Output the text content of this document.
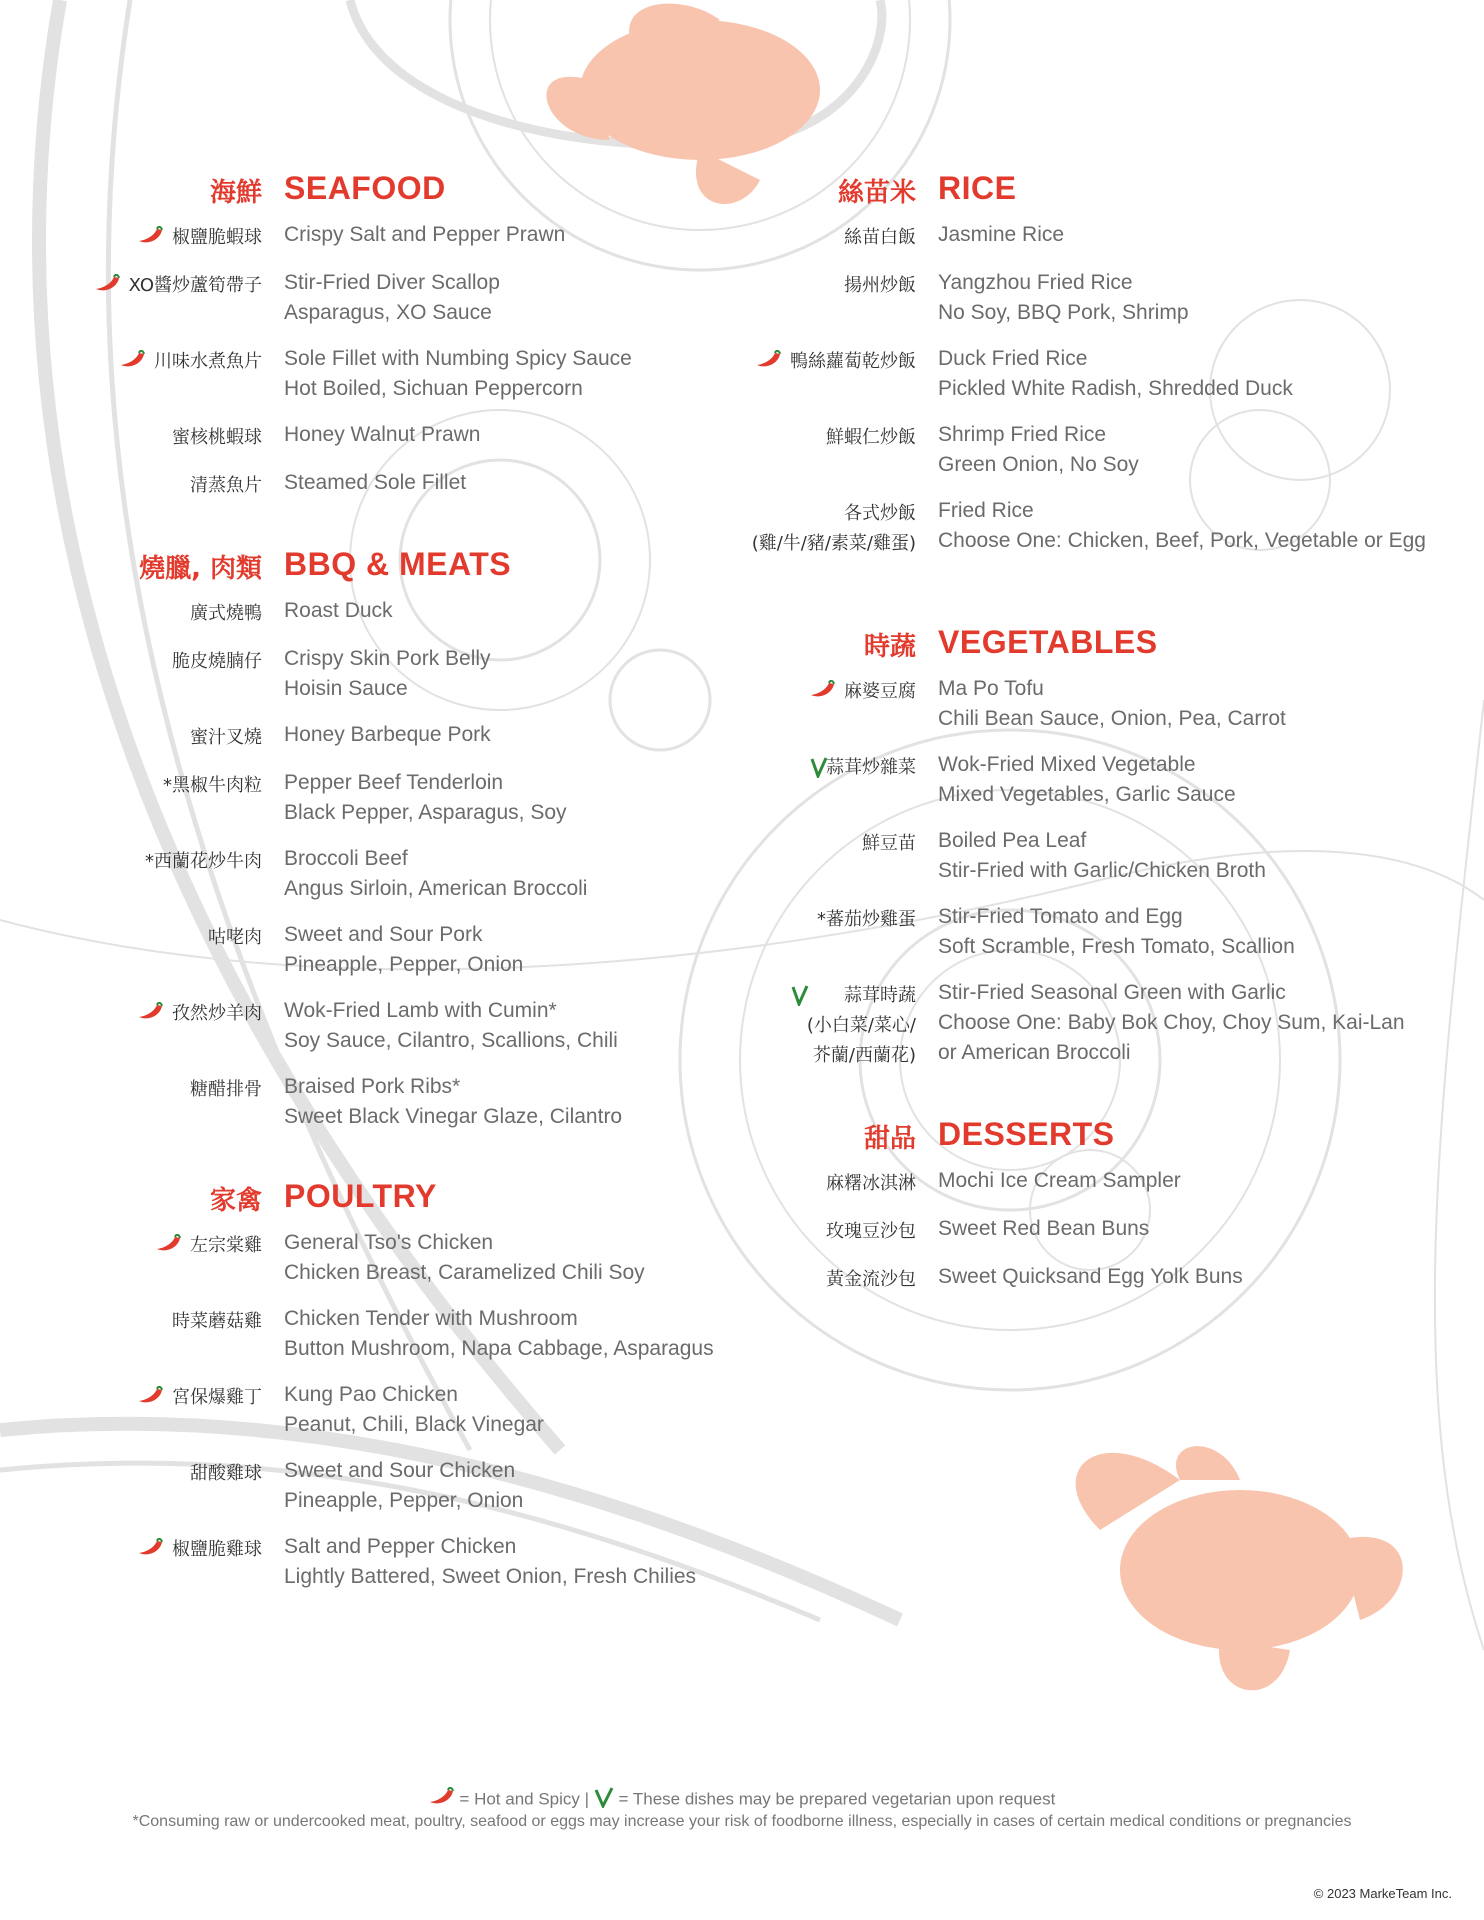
海鮮 SEAFOOD
椒鹽脆蝦球 Crispy Salt and Pepper Prawn
XO醬炒蘆筍帶子 Stir-Fried Diver Scallop
Asparagus, XO Sauce
川味水煮魚片 Sole Fillet with Numbing Spicy Sauce
Hot Boiled, Sichuan Peppercorn
蜜核桃蝦球 Honey Walnut Prawn
清蒸魚片 Steamed Sole Fillet
燒臘, 肉類 BBQ & MEATS
廣式燒鴨 Roast Duck
脆皮燒腩仔 Crispy Skin Pork Belly
Hoisin Sauce
蜜汁叉燒 Honey Barbeque Pork
*黑椒牛肉粒 Pepper Beef Tenderloin
Black Pepper, Asparagus, Soy
*西蘭花炒牛肉 Broccoli Beef
Angus Sirloin, American Broccoli
咕咾肉 Sweet and Sour Pork
Pineapple, Pepper, Onion
孜然炒羊肉 Wok-Fried Lamb with Cumin*
Soy Sauce, Cilantro, Scallions, Chili
糖醋排骨 Braised Pork Ribs*
Sweet Black Vinegar Glaze, Cilantro
家禽 POULTRY
左宗棠雞 General Tso's Chicken
Chicken Breast, Caramelized Chili Soy
時菜蘑菇雞 Chicken Tender with Mushroom
Button Mushroom, Napa Cabbage, Asparagus
宮保爆雞丁 Kung Pao Chicken
Peanut, Chili, Black Vinegar
甜酸雞球 Sweet and Sour Chicken
Pineapple, Pepper, Onion
椒鹽脆雞球 Salt and Pepper Chicken
Lightly Battered, Sweet Onion, Fresh Chilies
絲苗米 RICE
絲苗白飯 Jasmine Rice
揚州炒飯 Yangzhou Fried Rice
No Soy, BBQ Pork, Shrimp
鴨絲蘿蔔乾炒飯 Duck Fried Rice
Pickled White Radish, Shredded Duck
鮮蝦仁炒飯 Shrimp Fried Rice
Green Onion, No Soy
各式炒飯
(雞/牛/豬/素菜/雞蛋)
Fried Rice
Choose One: Chicken, Beef, Pork, Vegetable or Egg
時蔬 VEGETABLES
麻婆豆腐 Ma Po Tofu
Chili Bean Sauce, Onion, Pea, Carrot
蒜茸炒雜菜 Wok-Fried Mixed Vegetable
Mixed Vegetables, Garlic Sauce
鮮豆苗 Boiled Pea Leaf
Stir-Fried with Garlic/Chicken Broth
*蕃茄炒雞蛋 Stir-Fried Tomato and Egg
Soft Scramble, Fresh Tomato, Scallion
蒜茸時蔬
(小白菜/菜心/
芥蘭/西蘭花)
Stir-Fried Seasonal Green with Garlic
Choose One: Baby Bok Choy, Choy Sum, Kai-Lan
or American Broccoli
甜品 DESSERTS
麻糬冰淇淋 Mochi Ice Cream Sampler
玫瑰豆沙包 Sweet Red Bean Buns
黃金流沙包 Sweet Quicksand Egg Yolk Buns
= Hot and Spicy | = These dishes may be prepared vegetarian upon request
*Consuming raw or undercooked meat, poultry, seafood or eggs may increase your risk of foodborne illness, especially in cases of certain medical conditions or pregnancies
© 2023 MarkeTeam Inc.
